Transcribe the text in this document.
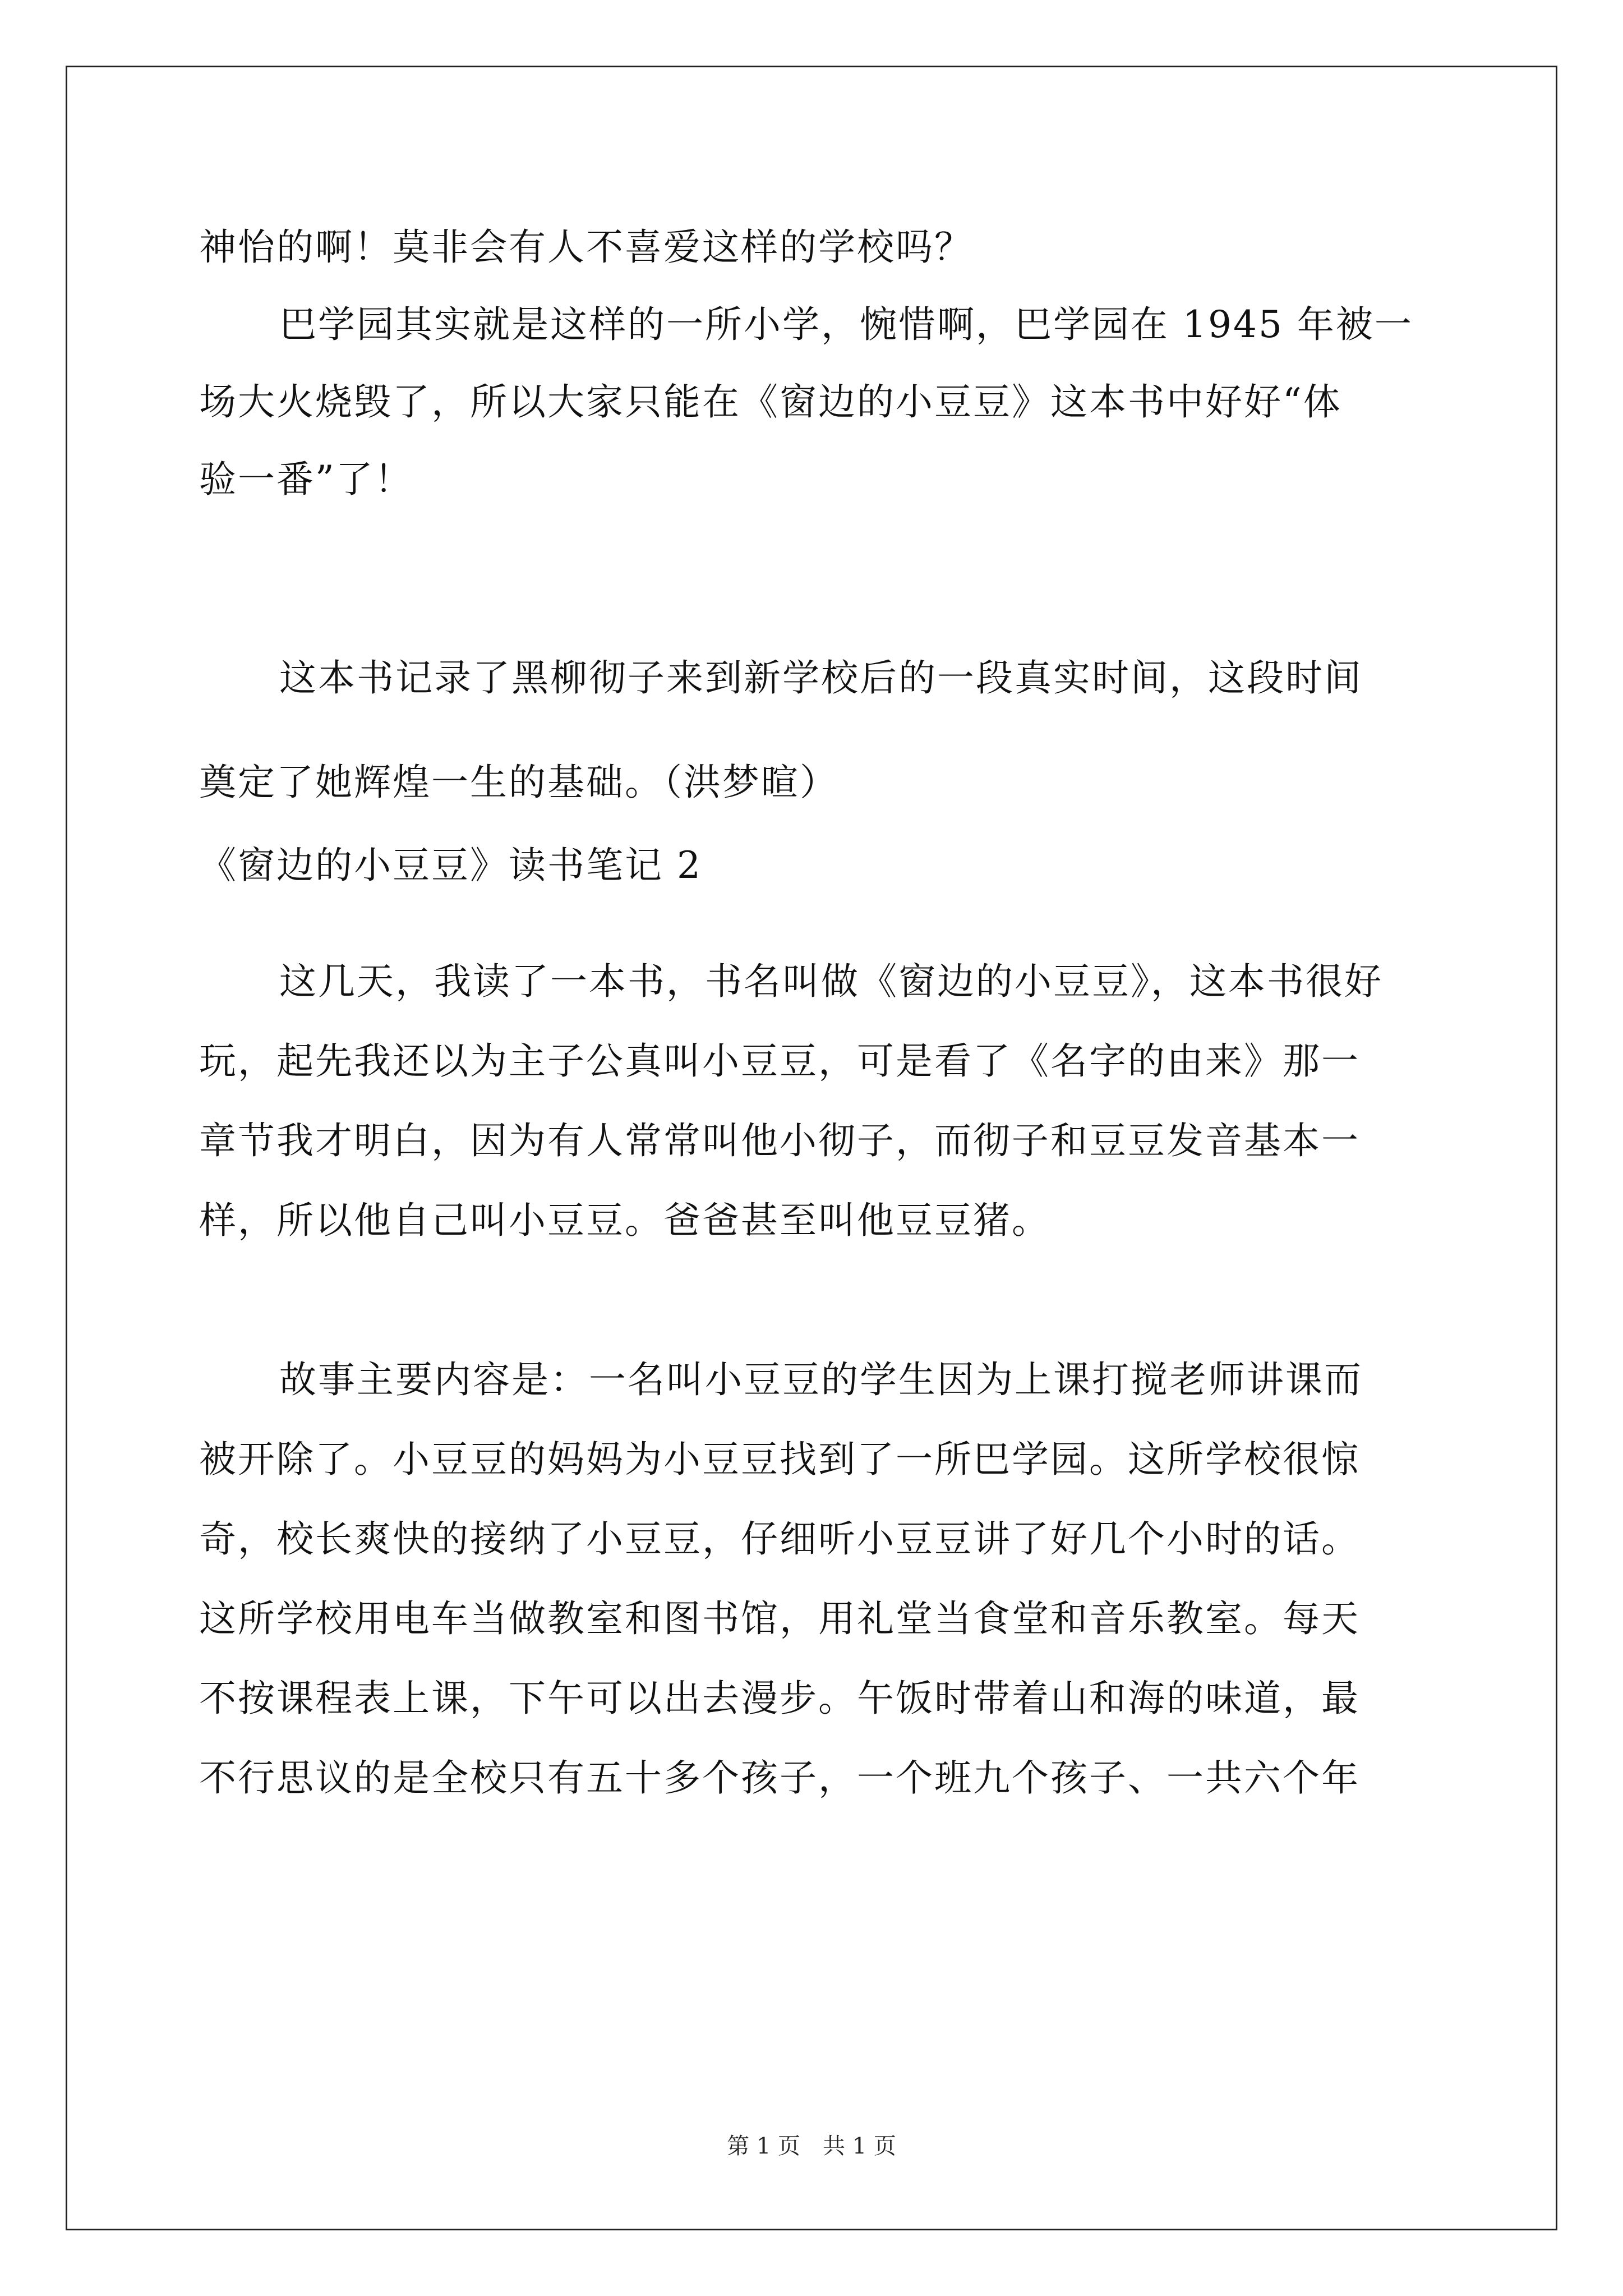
神怡的啊！莫非会有人不喜爱这样的学校吗？
巴学园其实就是这样的一所小学，惋惜啊，巴学园在 1945 年被一
场大火烧毁了，所以大家只能在《窗边的小豆豆》这本书中好好“体
验一番”了！
这本书记录了黑柳彻子来到新学校后的一段真实时间，这段时间
奠定了她辉煌一生的基础。（洪梦暄）
《窗边的小豆豆》读书笔记 2
这几天，我读了一本书，书名叫做《窗边的小豆豆》，这本书很好
玩，起先我还以为主子公真叫小豆豆，可是看了《名字的由来》那一
章节我才明白，因为有人常常叫他小彻子，而彻子和豆豆发音基本一
样，所以他自己叫小豆豆。爸爸甚至叫他豆豆猪。
故事主要内容是：一名叫小豆豆的学生因为上课打搅老师讲课而
被开除了。小豆豆的妈妈为小豆豆找到了一所巴学园。这所学校很惊
奇，校长爽快的接纳了小豆豆，仔细听小豆豆讲了好几个小时的话。
这所学校用电车当做教室和图书馆，用礼堂当食堂和音乐教室。每天
不按课程表上课，下午可以出去漫步。午饭时带着山和海的味道，最
不行思议的是全校只有五十多个孩子，一个班九个孩子、一共六个年
第 1 页 共 1 页
